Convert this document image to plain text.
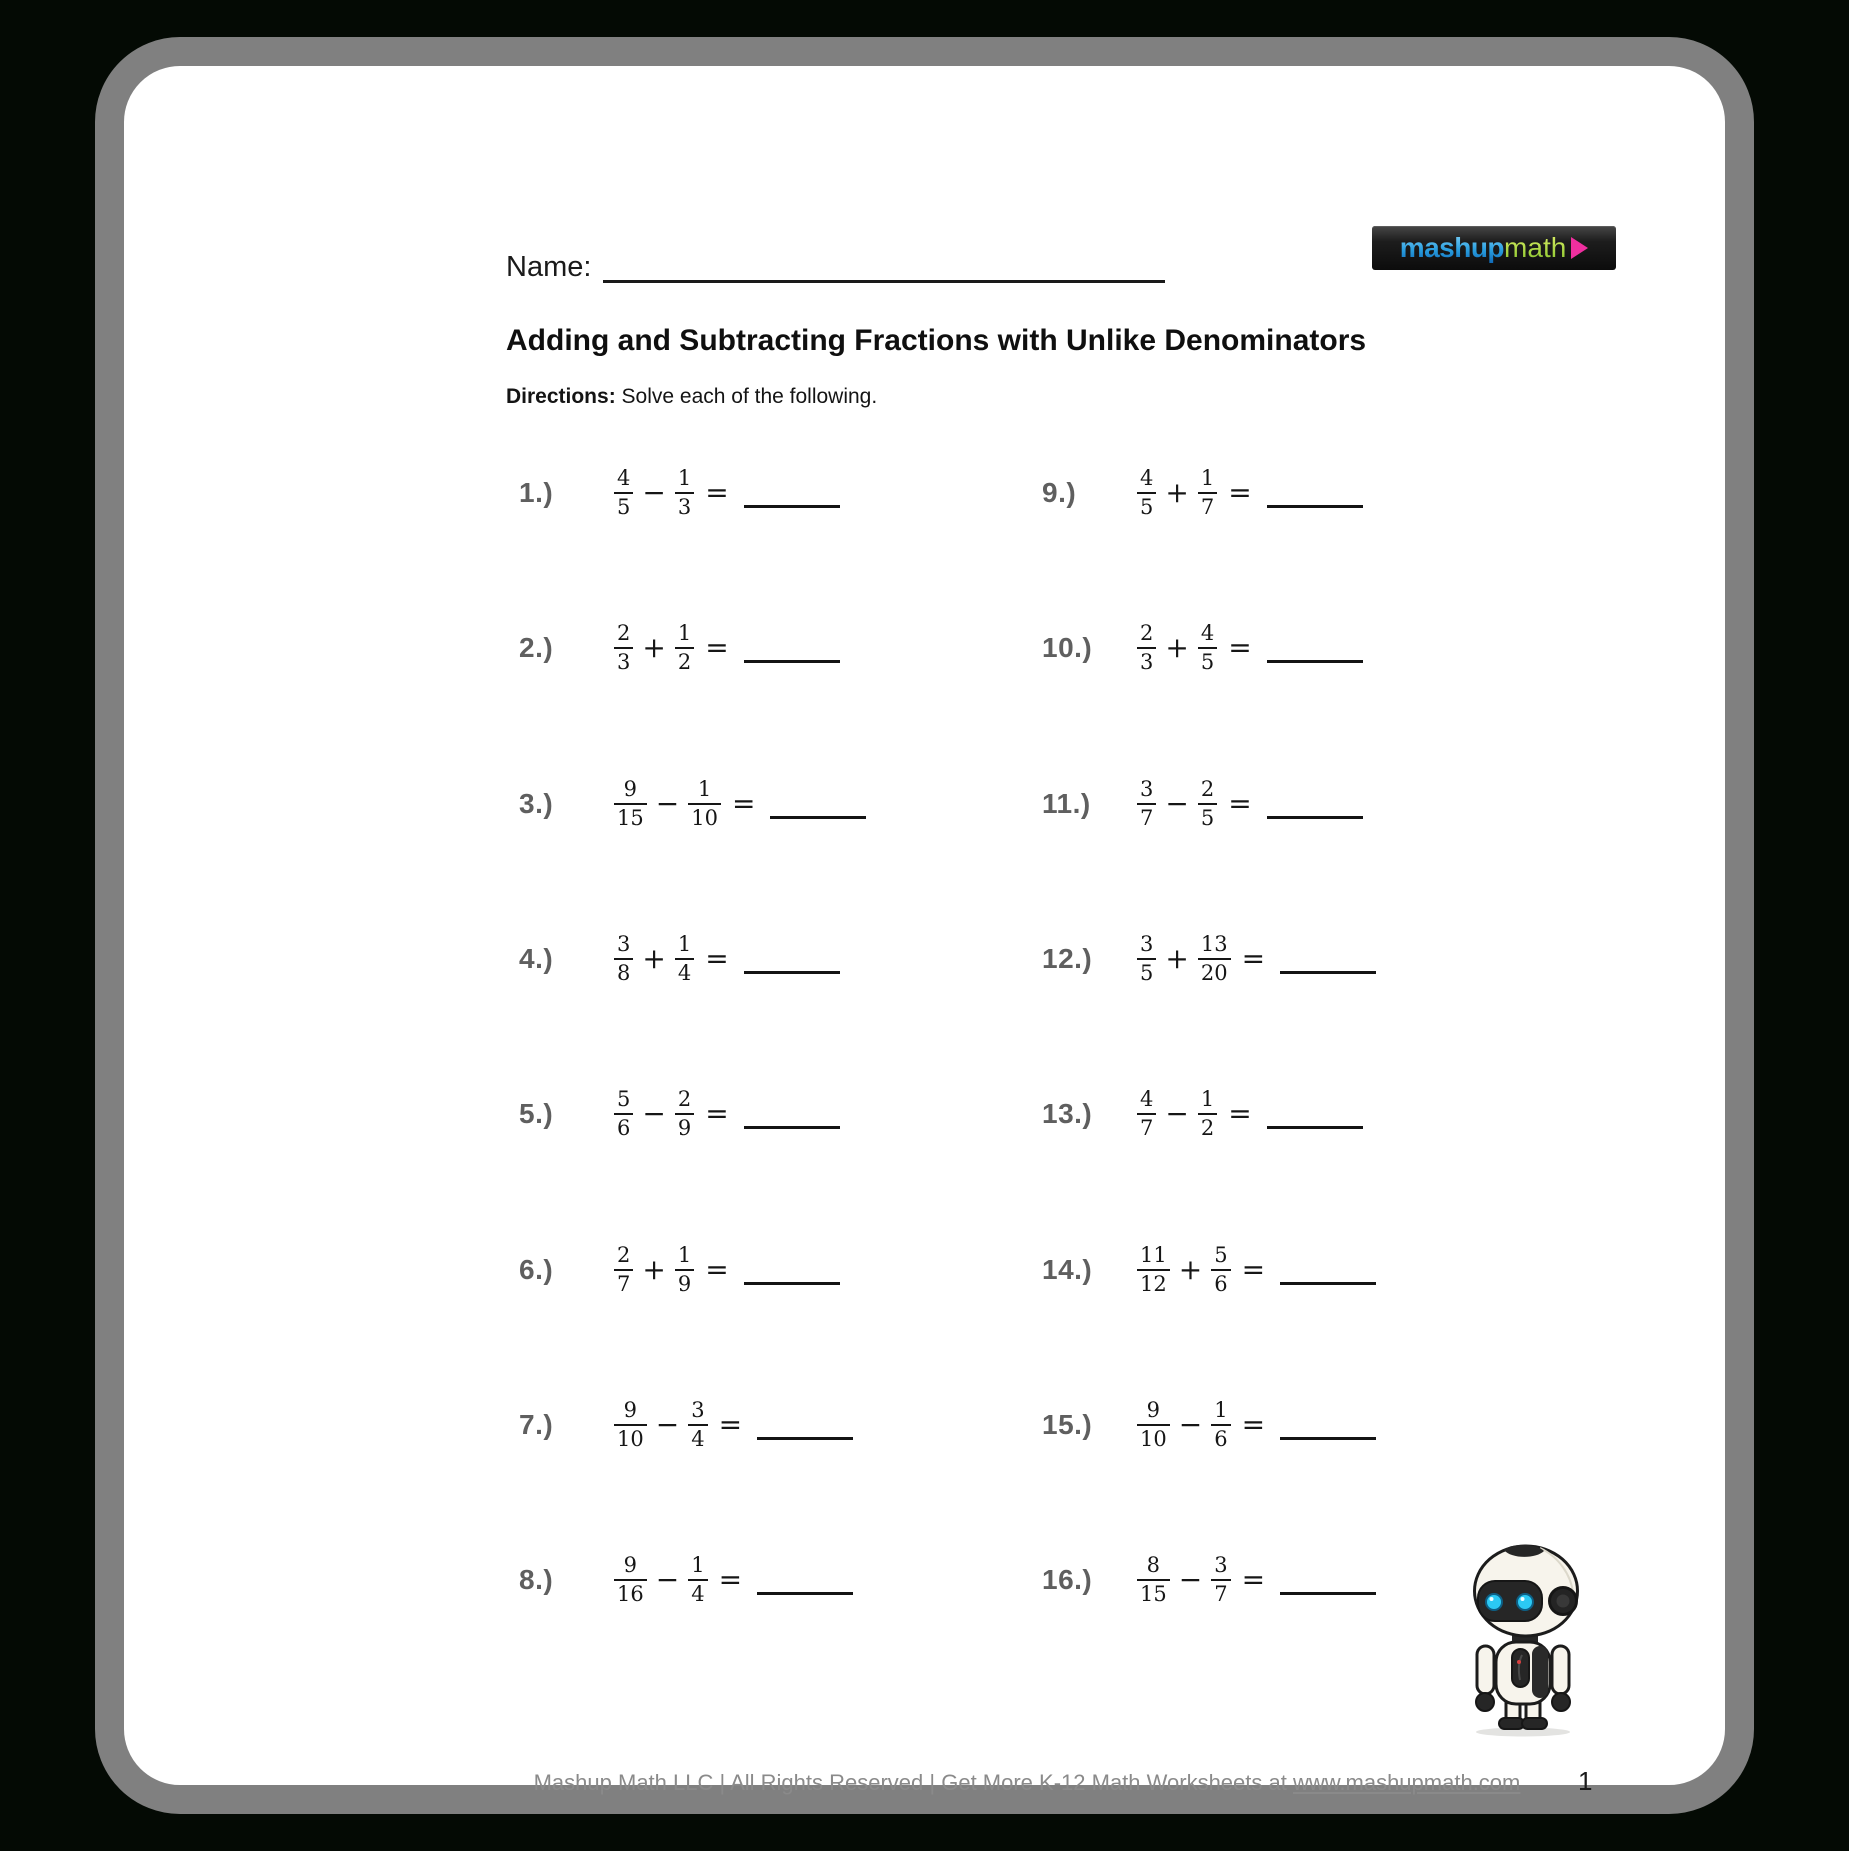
Name:
mashup math
Adding and Subtracting Fractions with Unlike Denominators

Directions: Solve each of the following.

1.)	$\frac{4}{5} - \frac{1}{3}$ =
2.)	$\frac{2}{3} + \frac{1}{2}$ =
3.)	$\frac{9}{15} - \frac{1}{10}$ =
4.)	$\frac{3}{8} + \frac{1}{4}$ =
5.)	$\frac{5}{6} - \frac{2}{9}$ =
6.)	$\frac{2}{7} + \frac{1}{9}$ =
7.)	$\frac{9}{10} - \frac{3}{4}$ =
8.)	$\frac{9}{16} - \frac{1}{4}$ =
9.)	$\frac{4}{5} + \frac{1}{7}$ =
10.)	$\frac{2}{3} + \frac{4}{5}$ =
11.)	$\frac{3}{7} - \frac{2}{5}$ =
12.)	$\frac{3}{5} + \frac{13}{20}$ =
13.)	$\frac{4}{7} - \frac{1}{2}$ =
14.)	$\frac{11}{12} + \frac{5}{6}$ =
15.)	$\frac{9}{10} - \frac{1}{6}$ =
16.)	$\frac{8}{15} - \frac{3}{7}$ =
Mashup Math LLC | All Rights Reserved | Get More K-12 Math Worksheets at www.mashupmath.com	1
